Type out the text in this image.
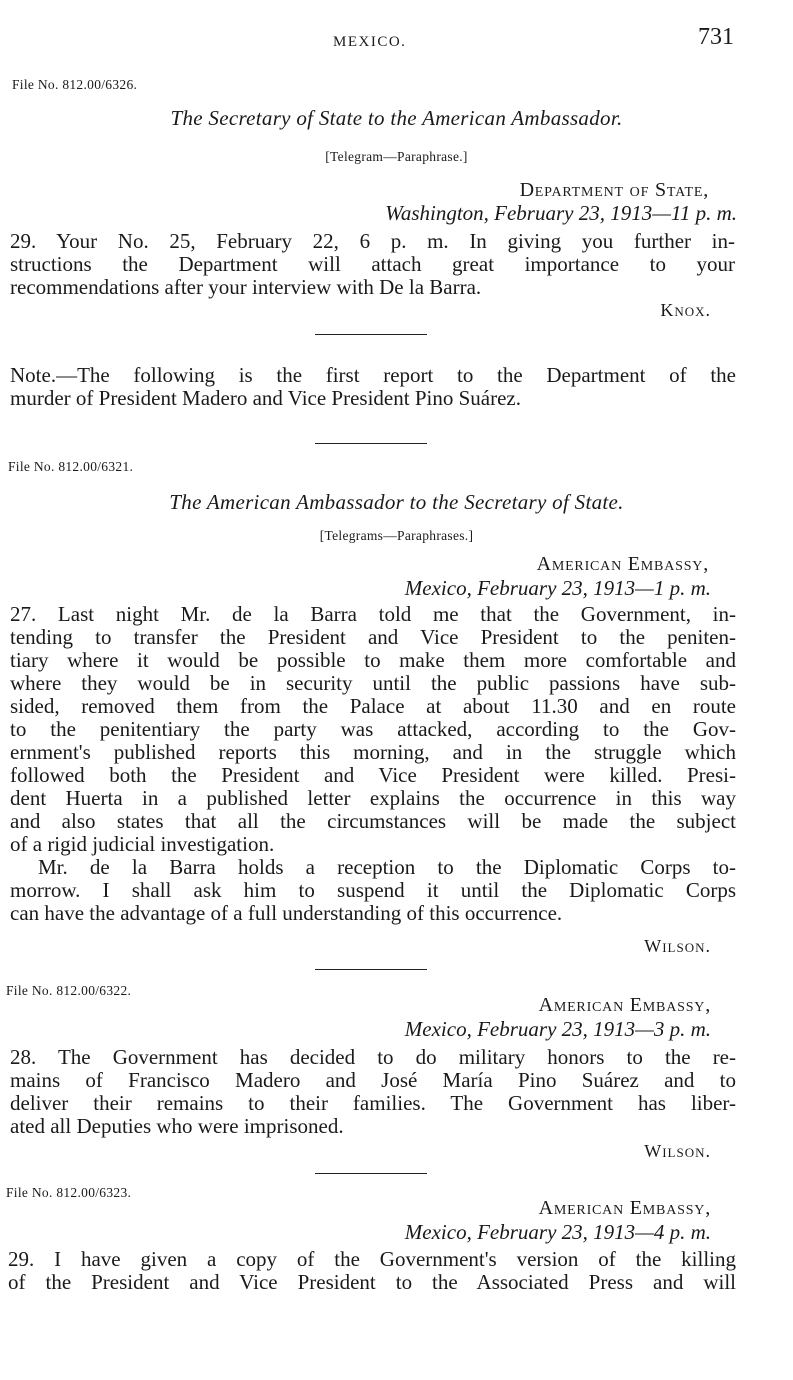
MEXICO.	731
File No. 812.00/6326.
The Secretary of State to the American Ambassador.
[Telegram—Paraphrase.]
Department of State,
Washington, February 23, 1913—11 p. m.
29. Your No. 25, February 22, 6 p. m. In giving you further in-
structions the Department will attach great importance to your
recommendations after your interview with De la Barra.
Knox.
Note.—The following is the first report to the Department of the
murder of President Madero and Vice President Pino Suárez.
File No. 812.00/6321.
The American Ambassador to the Secretary of State.
[Telegrams—Paraphrases.]
American Embassy,
Mexico, February 23, 1913—1 p. m.
27. Last night Mr. de la Barra told me that the Government, in-
tending to transfer the President and Vice President to the peniten-
tiary where it would be possible to make them more comfortable and
where they would be in security until the public passions have sub-
sided, removed them from the Palace at about 11.30 and en route
to the penitentiary the party was attacked, according to the Gov-
ernment's published reports this morning, and in the struggle which
followed both the President and Vice President were killed. Presi-
dent Huerta in a published letter explains the occurrence in this way
and also states that all the circumstances will be made the subject
of a rigid judicial investigation.
Mr. de la Barra holds a reception to the Diplomatic Corps to-
morrow. I shall ask him to suspend it until the Diplomatic Corps
can have the advantage of a full understanding of this occurrence.
Wilson.
File No. 812.00/6322.
American Embassy,
Mexico, February 23, 1913—3 p. m.
28. The Government has decided to do military honors to the re-
mains of Francisco Madero and José María Pino Suárez and to
deliver their remains to their families. The Government has liber-
ated all Deputies who were imprisoned.
Wilson.
File No. 812.00/6323.
American Embassy,
Mexico, February 23, 1913—4 p. m.
29. I have given a copy of the Government's version of the killing
of the President and Vice President to the Associated Press and will
